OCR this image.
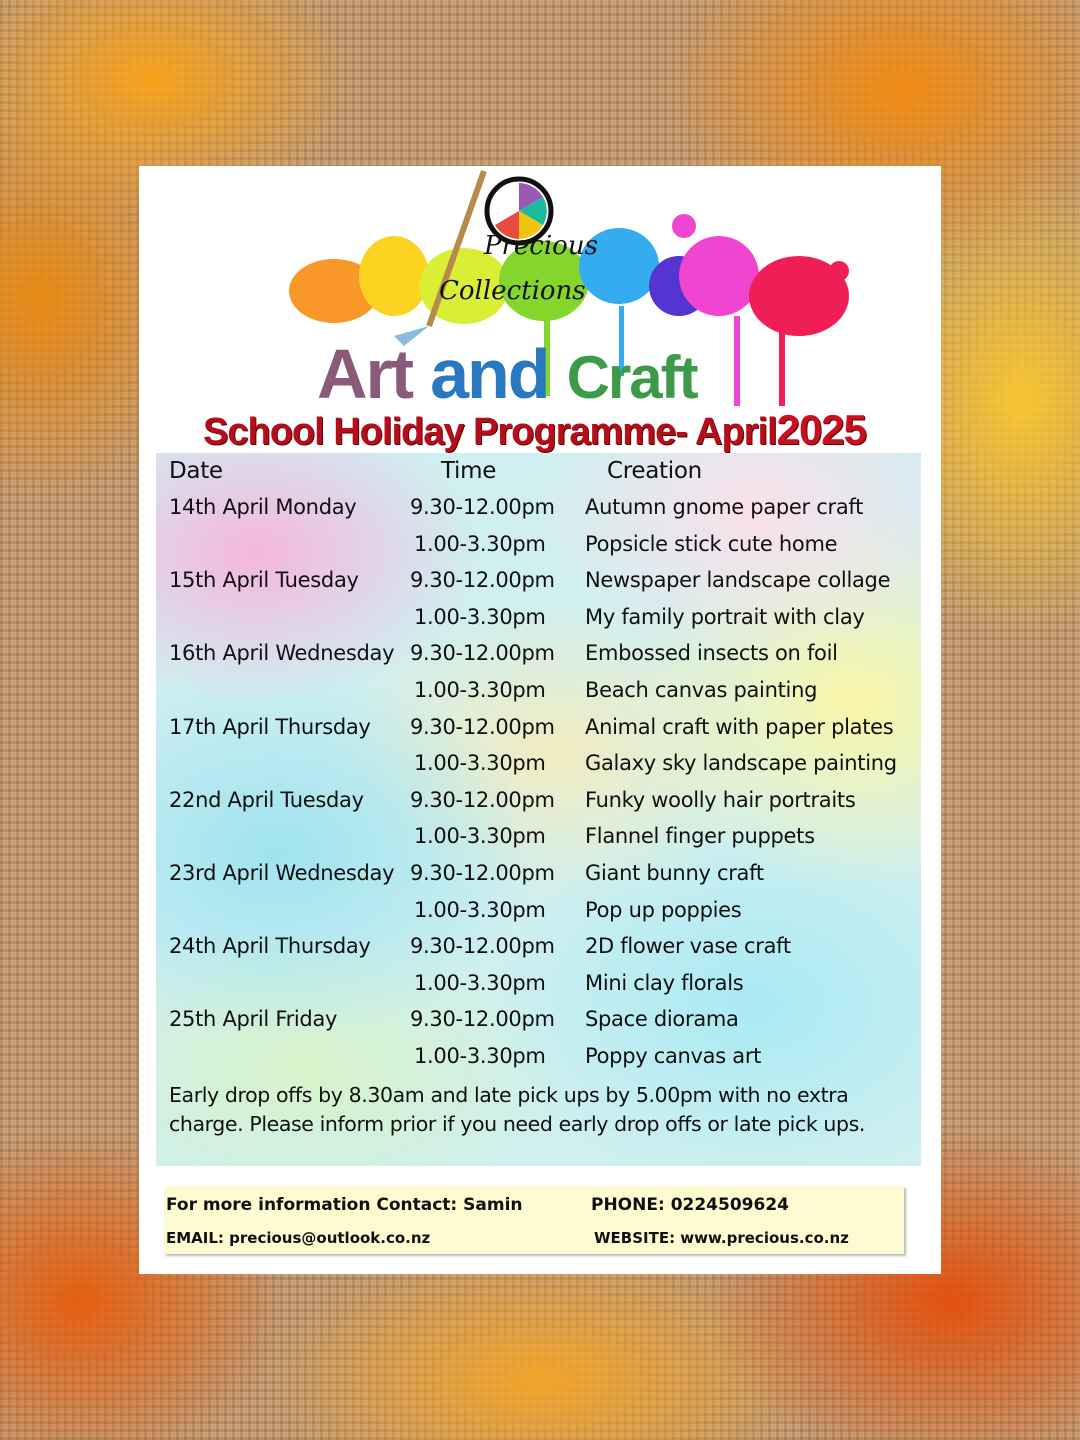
Precious
Collections
Art and Craft
School Holiday Programme- April2025
Date	Time	Creation
Early drop offs by 8.30am and late pick ups by 5.00pm with no extra charge. Please inform prior if you need early drop offs or late pick ups.
14th April Monday	9.30-12.00pm Autumn gnome paper craft
1.00-3.30pm Popsicle stick cute home
15th April Tuesday 9.30-12.00pm Newspaper landscape collage
1.00-3.30pm My family portrait with clay
16th April Wednesday 9.30-12.00pm Embossed insects on foil
1.00-3.30pm Beach canvas painting
17th April Thursday 9.30-12.00pm Animal craft with paper plates
1.00-3.30pm Galaxy sky landscape painting
22nd April Tuesday 9.30-12.00pm Funky woolly hair portraits
1.00-3.30pm Flannel finger puppets
23rd April Wednesday 9.30-12.00pm Giant bunny craft
1.00-3.30pm Pop up poppies
24th April Thursday 9.30-12.00pm 2D flower vase craft
1.00-3.30pm Mini clay florals
25th April Friday	9.30-12.00pm Space diorama
1.00-3.30pm Poppy canvas art
For more information Contact: Samin	PHONE: 0224509624
EMAIL: precious@outlook.co.nz	WEBSITE: www.precious.co.nz
